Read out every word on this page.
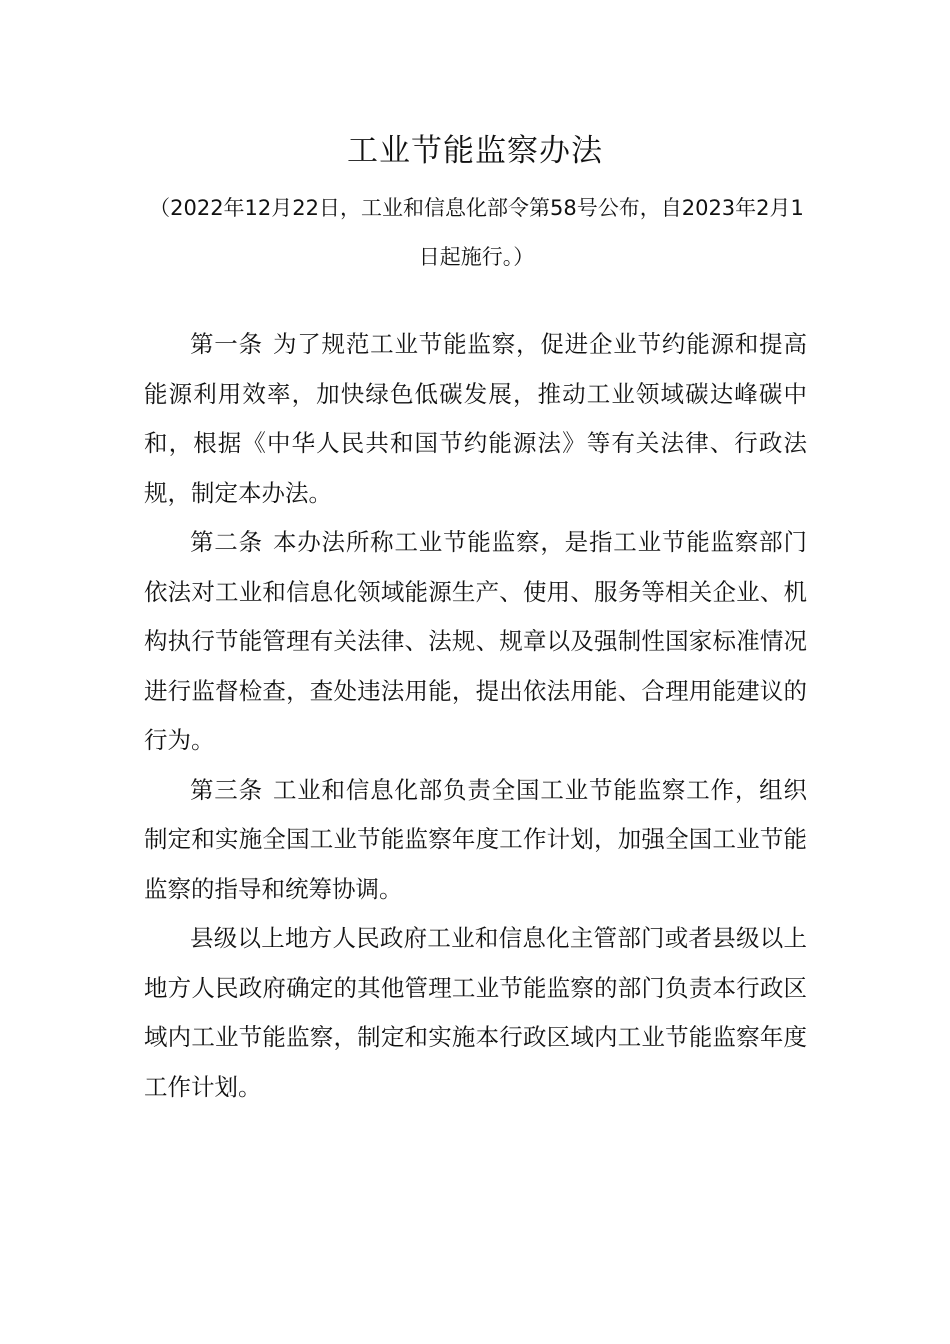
工业节能监察办法

（2022年12月22日，工业和信息化部令第58号公布，自2023年2月1日起施行。）

第一条 为了规范工业节能监察，促进企业节约能源和提高能源利用效率，加快绿色低碳发展，推动工业领域碳达峰碳中和，根据《中华人民共和国节约能源法》等有关法律、行政法规，制定本办法。

第二条 本办法所称工业节能监察，是指工业节能监察部门依法对工业和信息化领域能源生产、使用、服务等相关企业、机构执行节能管理有关法律、法规、规章以及强制性国家标准情况进行监督检查，查处违法用能，提出依法用能、合理用能建议的行为。

第三条 工业和信息化部负责全国工业节能监察工作，组织制定和实施全国工业节能监察年度工作计划，加强全国工业节能监察的指导和统筹协调。

县级以上地方人民政府工业和信息化主管部门或者县级以上地方人民政府确定的其他管理工业节能监察的部门负责本行政区域内工业节能监察，制定和实施本行政区域内工业节能监察年度工作计划。
